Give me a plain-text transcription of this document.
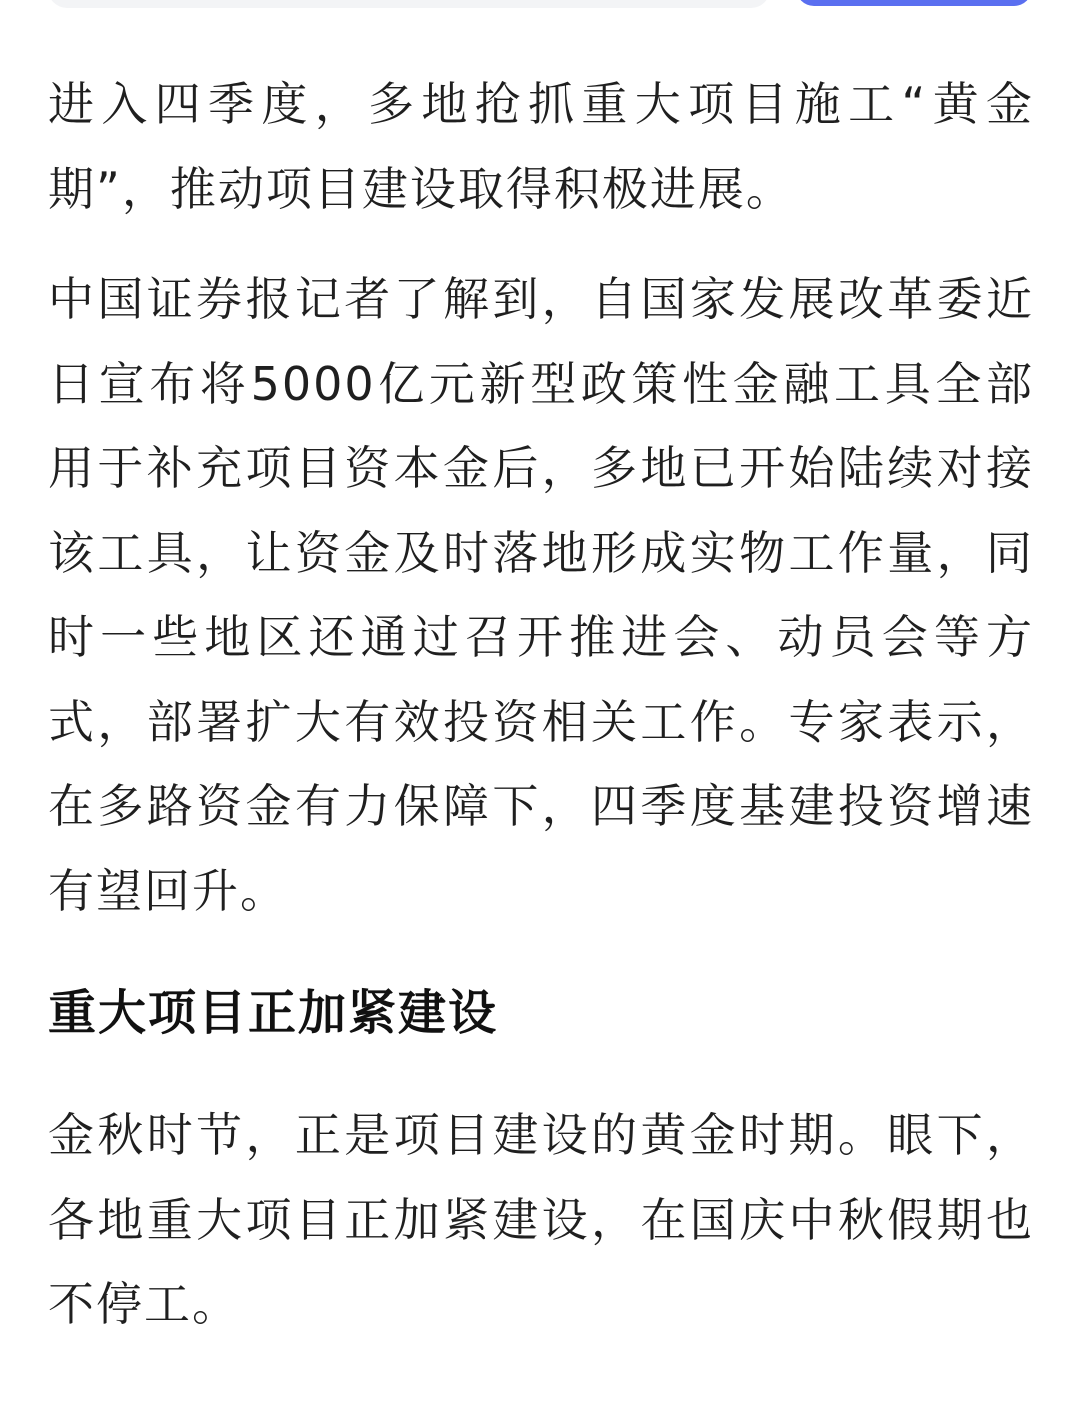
进入四季度，多地抢抓重大项目施工“黄金期”，推动项目建设取得积极进展。

中国证券报记者了解到，自国家发展改革委近日宣布将5000亿元新型政策性金融工具全部用于补充项目资本金后，多地已开始陆续对接该工具，让资金及时落地形成实物工作量，同时一些地区还通过召开推进会、动员会等方式，部署扩大有效投资相关工作。专家表示，在多路资金有力保障下，四季度基建投资增速有望回升。

重大项目正加紧建设

金秋时节，正是项目建设的黄金时期。眼下，各地重大项目正加紧建设，在国庆中秋假期也不停工。
